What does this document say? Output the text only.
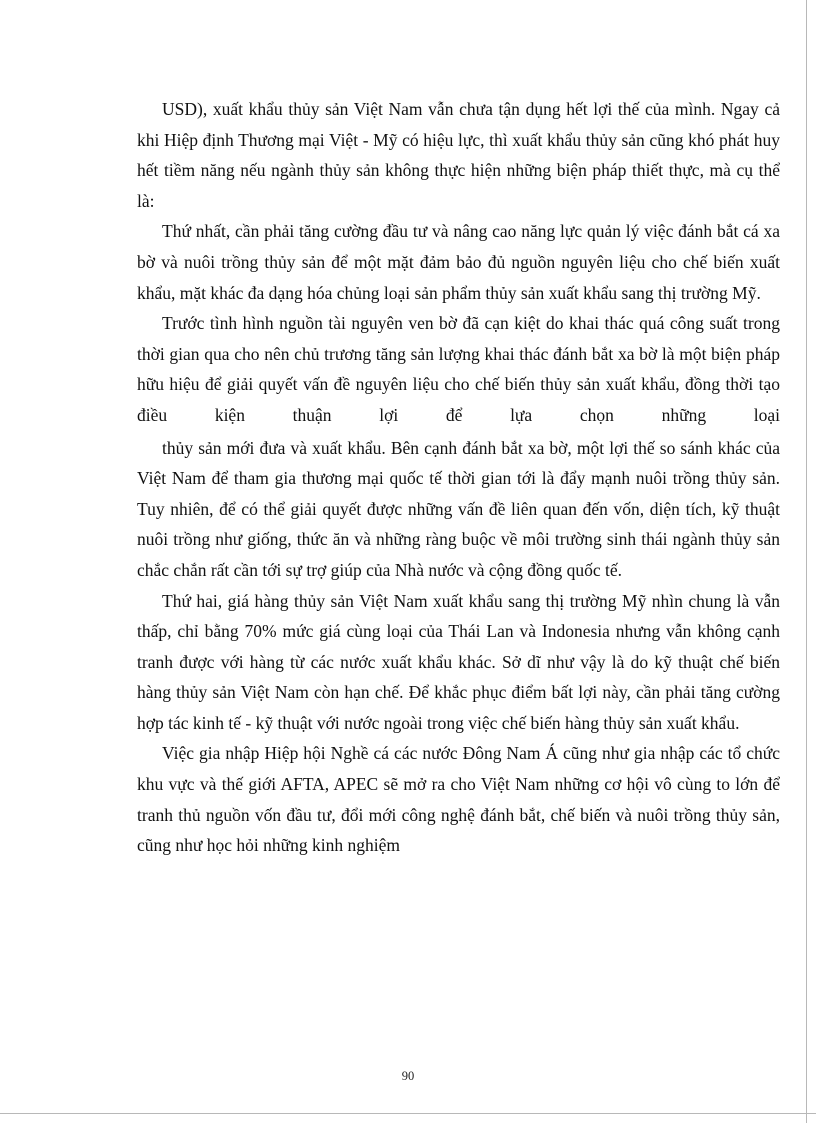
USD), xuất khẩu thủy sản Việt Nam vẫn chưa tận dụng hết lợi thế của mình. Ngay cả khi Hiệp định Thương mại Việt - Mỹ có hiệu lực, thì xuất khẩu thủy sản cũng khó phát huy hết tiềm năng nếu ngành thủy sản không thực hiện những biện pháp thiết thực, mà cụ thể là:

Thứ nhất, cần phải tăng cường đầu tư và nâng cao năng lực quản lý việc đánh bắt cá xa bờ và nuôi trồng thủy sản để một mặt đảm bảo đủ nguồn nguyên liệu cho chế biến xuất khẩu, mặt khác đa dạng hóa chủng loại sản phẩm thủy sản xuất khẩu sang thị trường Mỹ.

Trước tình hình nguồn tài nguyên ven bờ đã cạn kiệt do khai thác quá công suất trong thời gian qua cho nên chủ trương tăng sản lượng khai thác đánh bắt xa bờ là một biện pháp hữu hiệu để giải quyết vấn đề nguyên liệu cho chế biến thủy sản xuất khẩu, đồng thời tạo điều kiện thuận lợi để lựa chọn những loại

thủy sản mới đưa và xuất khẩu. Bên cạnh đánh bắt xa bờ, một lợi thế so sánh khác của Việt Nam để tham gia thương mại quốc tế thời gian tới là đẩy mạnh nuôi trồng thủy sản. Tuy nhiên, để có thể giải quyết được những vấn đề liên quan đến vốn, diện tích, kỹ thuật nuôi trồng như giống, thức ăn và những ràng buộc về môi trường sinh thái ngành thủy sản chắc chắn rất cần tới sự trợ giúp của Nhà nước và cộng đồng quốc tế.

Thứ hai, giá hàng thủy sản Việt Nam xuất khẩu sang thị trường Mỹ nhìn chung là vẫn thấp, chỉ bằng 70% mức giá cùng loại của Thái Lan và Indonesia nhưng vẫn không cạnh tranh được với hàng từ các nước xuất khẩu khác. Sở dĩ như vậy là do kỹ thuật chế biến hàng thủy sản Việt Nam còn hạn chế. Để khắc phục điểm bất lợi này, cần phải tăng cường hợp tác kinh tế - kỹ thuật với nước ngoài trong việc chế biến hàng thủy sản xuất khẩu.

Việc gia nhập Hiệp hội Nghề cá các nước Đông Nam Á cũng như gia nhập các tổ chức khu vực và thế giới AFTA, APEC sẽ mở ra cho Việt Nam những cơ hội vô cùng to lớn để tranh thủ nguồn vốn đầu tư, đổi mới công nghệ đánh bắt, chế biến và nuôi trồng thủy sản, cũng như học hỏi những kinh nghiệm

90
